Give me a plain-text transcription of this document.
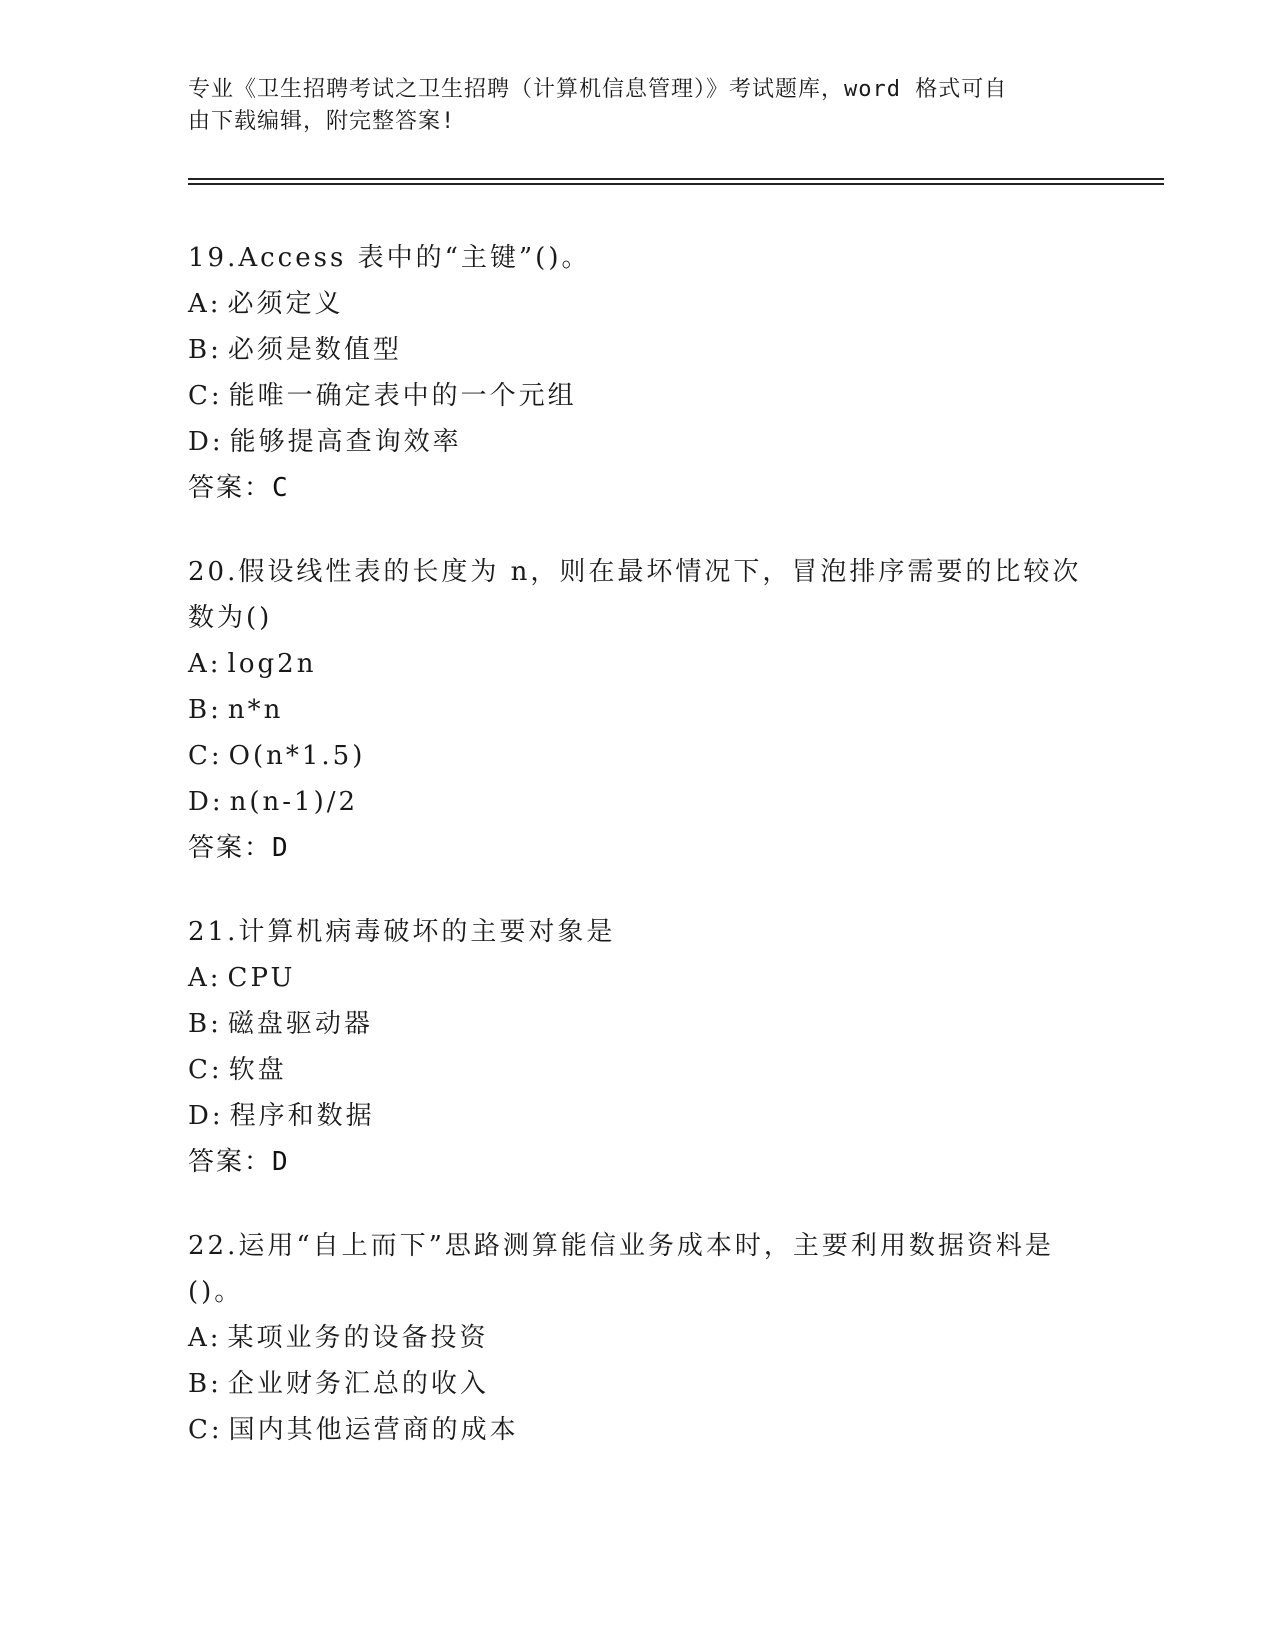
专业《卫生招聘考试之卫生招聘（计算机信息管理）》考试题库，word 格式可自
由下载编辑，附完整答案!
19.Access 表中的“主键”()。
A: 必须定义
B: 必须是数值型
C: 能唯一确定表中的一个元组
D: 能够提高查询效率
答案：C
20.假设线性表的长度为 n，则在最坏情况下，冒泡排序需要的比较次数为()
A: log2n
B: n*n
C: O(n*1.5)
D: n(n-1)/2
答案：D
21.计算机病毒破坏的主要对象是
A: CPU
B: 磁盘驱动器
C: 软盘
D: 程序和数据
答案：D
22.运用“自上而下”思路测算能信业务成本时，主要利用数据资料是()。
A: 某项业务的设备投资
B: 企业财务汇总的收入
C: 国内其他运营商的成本
